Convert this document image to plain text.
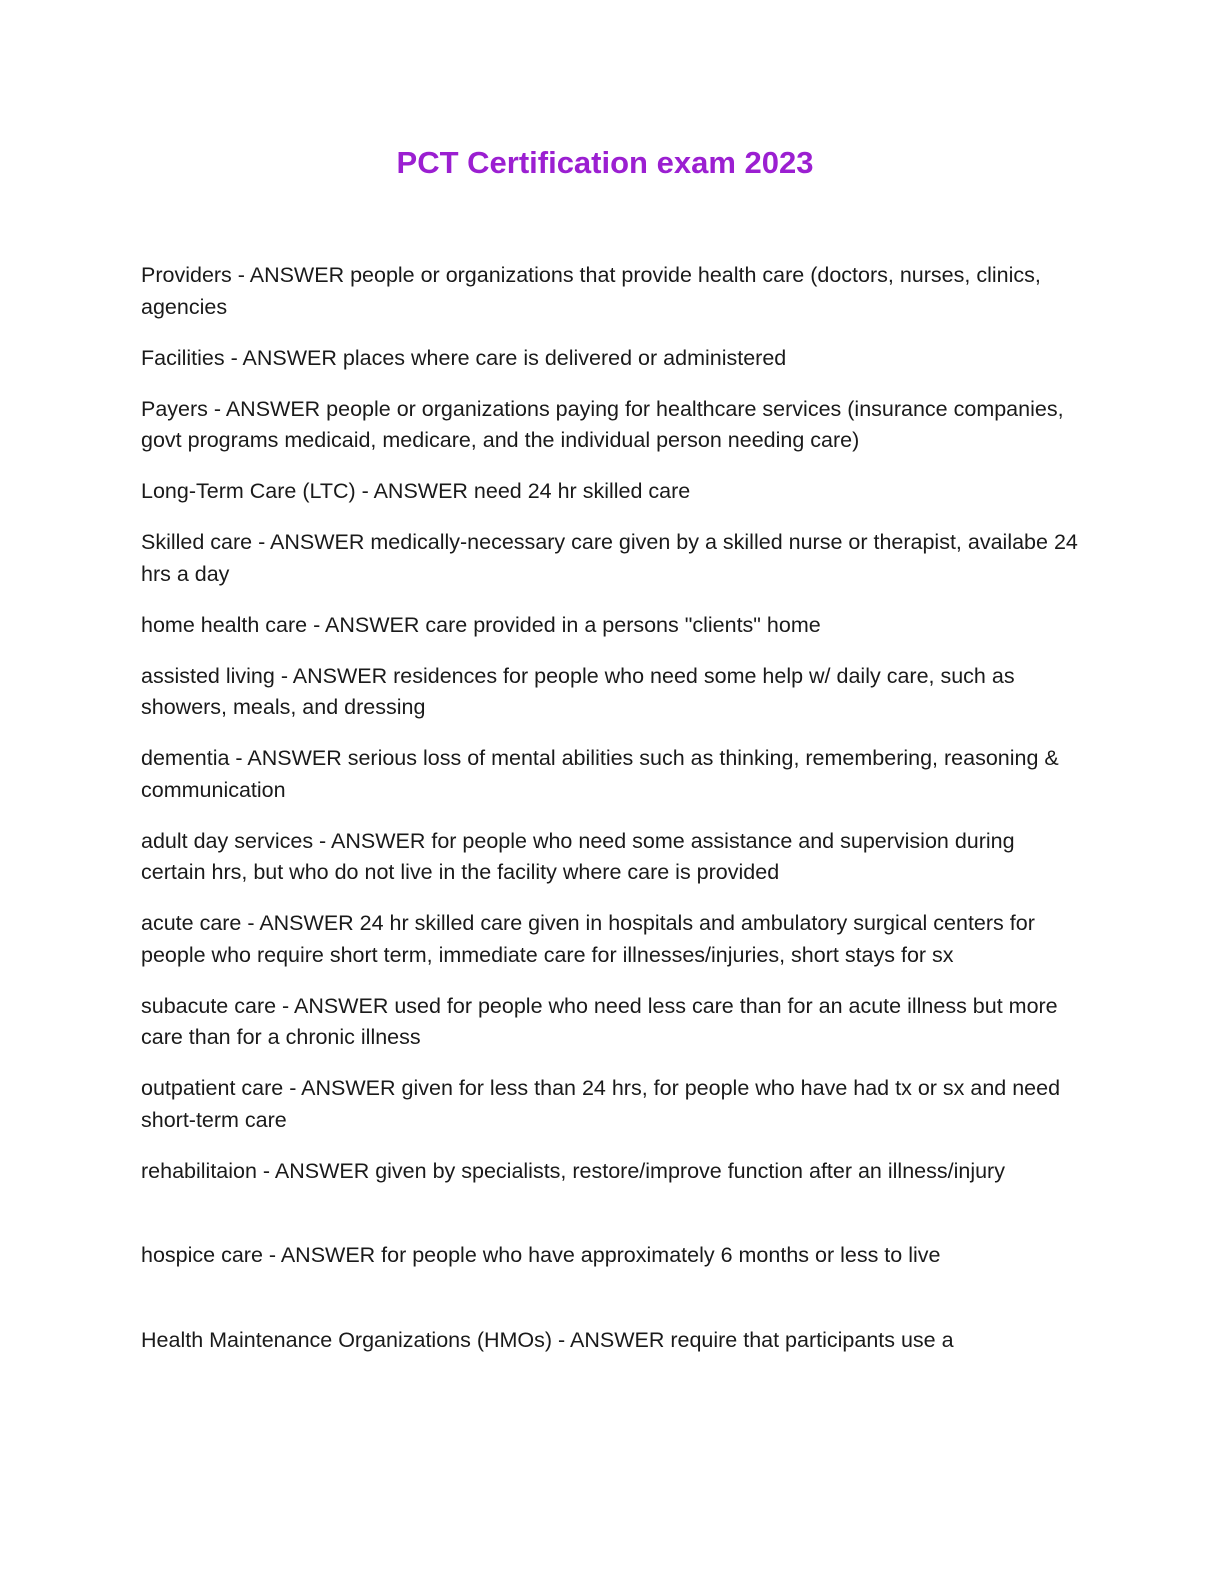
PCT Certification exam 2023
Providers - ANSWER people or organizations that provide health care (doctors, nurses, clinics, agencies
Facilities - ANSWER places where care is delivered or administered
Payers - ANSWER people or organizations paying for healthcare services (insurance companies, govt programs medicaid, medicare, and the individual person needing care)
Long-Term Care (LTC) - ANSWER need 24 hr skilled care
Skilled care - ANSWER medically-necessary care given by a skilled nurse or therapist, availabe 24 hrs a day
home health care - ANSWER care provided in a persons "clients" home
assisted living - ANSWER residences for people who need some help w/ daily care, such as showers, meals, and dressing
dementia - ANSWER serious loss of mental abilities such as thinking, remembering, reasoning & communication
adult day services - ANSWER for people who need some assistance and supervision during certain hrs, but who do not live in the facility where care is provided
acute care - ANSWER 24 hr skilled care given in hospitals and ambulatory surgical centers for people who require short term, immediate care for illnesses/injuries, short stays for sx
subacute care - ANSWER used for people who need less care than for an acute illness but more care than for a chronic illness
outpatient care - ANSWER given for less than 24 hrs, for people who have had tx or sx and need short-term care
rehabilitaion - ANSWER given by specialists, restore/improve function after an illness/injury
hospice care - ANSWER for people who have approximately 6 months or less to live
Health Maintenance Organizations (HMOs) - ANSWER require that participants use a
